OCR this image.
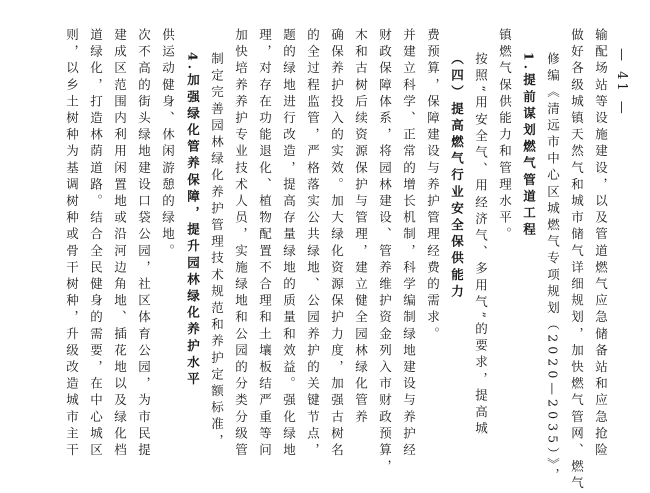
则，以乡土树种为基调树种或骨干树种，升级改造城市主干 道绿化，打造林荫道路。结合全民健身的需要，在中心城区 建成区范围内利用闲置地或沿河边角地、插花地以及绿化档 次不高的街头绿地建设口袋公园，社区体育公园，为市民提 供运动健身、休闲游憩的绿地。 4.加强绿化管养保障，提升园林绿化养护水平 制定完善园林绿化养护管理技术规范和养护定额标准， 加快培养养护专业技术人员，实施绿地和公园的分类分级管 理，对存在功能退化、植物配置不合理和土壤板结严重等问 题的绿地进行改造，提高存量绿地的质量和效益。强化绿地 的全过程监管，严格落实公共绿地、公园养护的关键节点， 确保养护投入的实效。加大绿化资源保护力度，加强古树名 木和古树后续资源保护与管理，建立健全园林绿化管养 财政保障体系，将园林建设、管养维护资金列入市财政预算， 并建立科学、正常的增长机制，科学编制绿地建设与养护经 费预算，保障建设与养护管理经费的需求。 （四）提高燃气行业安全保供能力 按照“用安全气、用经济气、多用气”的要求，提高城 镇燃气保供能力和管理水平。 1.提前谋划燃气管道工程 修编《清远市中心区城燃气专项规划（2020—2035）》， 做好各级城镇天然气和城市储气详细规划，加快燃气管网、燃气 输配场站等设施建设，以及管道燃气应急储备站和应急抢险 — 41 —
